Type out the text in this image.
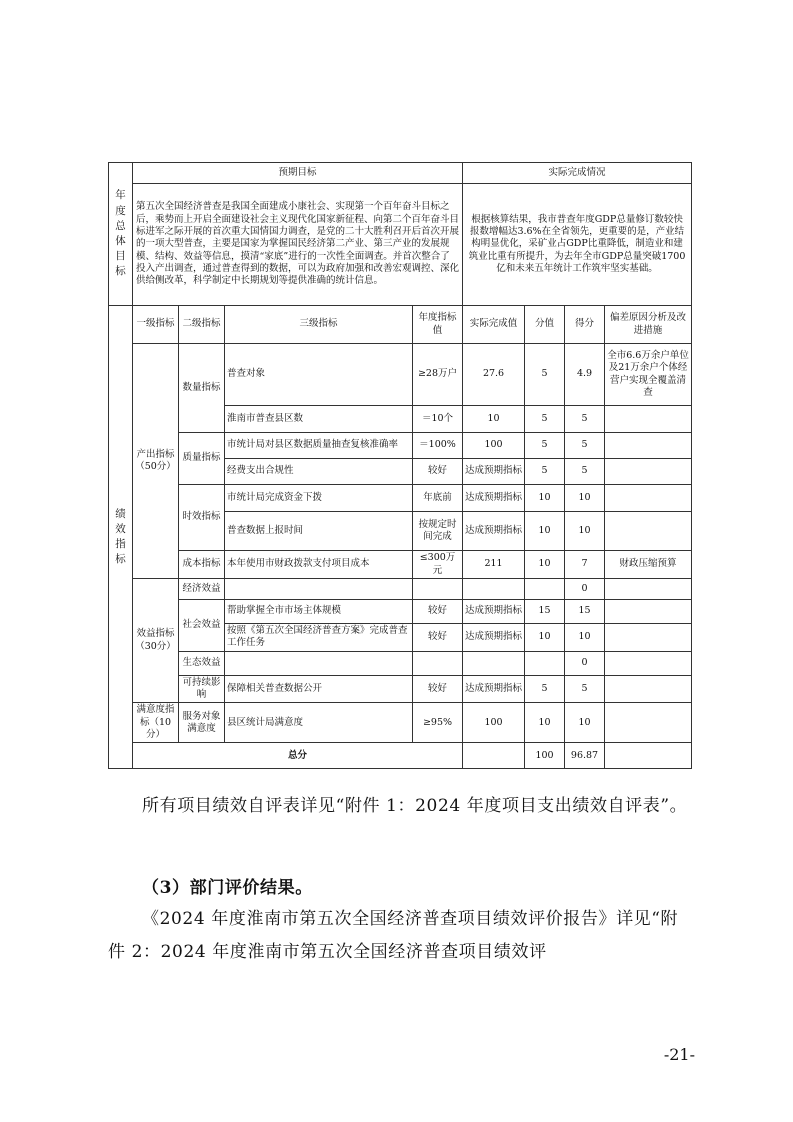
年度总体目标	预期目标				实际完成情况			
	第五次全国经济普查是我国全面建成小康社会、实现第一个百年奋斗目标之后，乘势而上开启全面建设社会主义现代化国家新征程、向第二个百年奋斗目标进军之际开展的首次重大国情国力调查，是党的二十大胜利召开后首次开展的一项大型普查，主要是国家为掌握国民经济第二产业、第三产业的发展规模、结构、效益等信息，摸清“家底”进行的一次性全面调查。并首次整合了投入产出调查，通过普查得到的数据，可以为政府加强和改善宏观调控、深化供给侧改革，科学制定中长期规划等提供准确的统计信息。				根据核算结果，我市普查年度GDP总量修订数较快报数增幅达3.6%在全省领先，更重要的是，产业结构明显优化，采矿业占GDP比重降低，制造业和建筑业比重有所提升，为去年全市GDP总量突破1700亿和未来五年统计工作筑牢坚实基础。			

绩效指标	一级指标	二级指标	三级指标	年度指标值	实际完成值	分值	得分	偏差原因分析及改进措施
	产出指标（50分）	数量指标	普查对象	≥28万户	27.6	5	4.9	全市6.6万余户单位及21万余户个体经营户实现全覆盖清查
			淮南市普查县区数	＝10个	10	5	5	
		质量指标	市统计局对县区数据质量抽查复核准确率	＝100%	100	5	5	
			经费支出合规性	较好	达成预期指标	5	5	
		时效指标	市统计局完成资金下拨	年底前	达成预期指标	10	10	
			普查数据上报时间	按规定时间完成	达成预期指标	10	10	
		成本指标	本年使用市财政拨款支付项目成本	≤300万元	211	10	7	财政压缩预算
	效益指标（30分）	经济效益					0	
		社会效益	帮助掌握全市市场主体规模	较好	达成预期指标	15	15	
			按照《第五次全国经济普查方案》完成普查工作任务	较好	达成预期指标	10	10	
		生态效益					0	
		可持续影响	保障相关普查数据公开	较好	达成预期指标	5	5	
	满意度指标（10分）	服务对象满意度	县区统计局满意度	≥95%	100	10	10	
	总分					100	96.87	

所有项目绩效自评表详见“附件 1：2024 年度项目支出绩效自评表”。

（3）部门评价结果。

《2024 年度淮南市第五次全国经济普查项目绩效评价报告》详见“附件 2：2024 年度淮南市第五次全国经济普查项目绩效评

-21-
